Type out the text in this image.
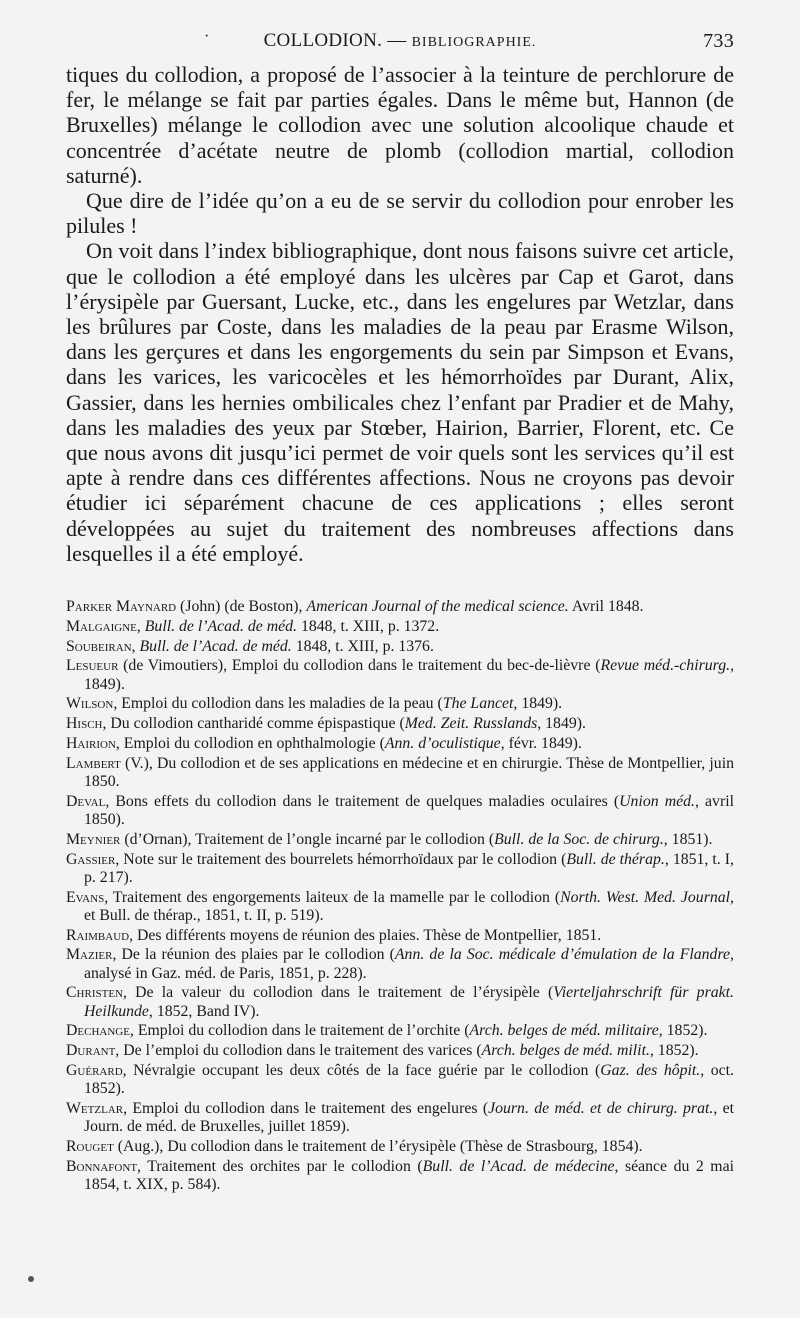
·	COLLODION. — BIBLIOGRAPHIE.	733

tiques du collodion, a proposé de l’associer à la teinture de perchlorure de fer, le mélange se fait par parties égales. Dans le même but, Hannon (de Bruxelles) mélange le collodion avec une solution alcoolique chaude et concentrée d’acétate neutre de plomb (collodion martial, collodion saturné).

Que dire de l’idée qu’on a eu de se servir du collodion pour enrober les pilules !

On voit dans l’index bibliographique, dont nous faisons suivre cet article, que le collodion a été employé dans les ulcères par Cap et Garot, dans l’érysipèle par Guersant, Lucke, etc., dans les engelures par Wetzlar, dans les brûlures par Coste, dans les maladies de la peau par Erasme Wilson, dans les gerçures et dans les engorgements du sein par Simpson et Evans, dans les varices, les varicocèles et les hémorrhoïdes par Durant, Alix, Gassier, dans les hernies ombilicales chez l’enfant par Pradier et de Mahy, dans les maladies des yeux par Stœber, Hairion, Barrier, Florent, etc. Ce que nous avons dit jusqu’ici permet de voir quels sont les services qu’il est apte à rendre dans ces différentes affections. Nous ne croyons pas devoir étudier ici séparément chacune de ces applications ; elles seront développées au sujet du traitement des nombreuses affections dans lesquelles il a été employé.

Parker Maynard (John) (de Boston), American Journal of the medical science. Avril 1848.

Malgaigne, Bull. de l’Acad. de méd. 1848, t. XIII, p. 1372.

Soubeiran, Bull. de l’Acad. de méd. 1848, t. XIII, p. 1376.

Lesueur (de Vimoutiers), Emploi du collodion dans le traitement du bec-de-lièvre (Revue méd.-chirurg., 1849).

Wilson, Emploi du collodion dans les maladies de la peau (The Lancet, 1849).

Hisch, Du collodion cantharidé comme épispastique (Med. Zeit. Russlands, 1849).

Hairion, Emploi du collodion en ophthalmologie (Ann. d’oculistique, févr. 1849).

Lambert (V.), Du collodion et de ses applications en médecine et en chirurgie. Thèse de Montpellier, juin 1850.

Deval, Bons effets du collodion dans le traitement de quelques maladies oculaires (Union méd., avril 1850).

Meynier (d’Ornan), Traitement de l’ongle incarné par le collodion (Bull. de la Soc. de chirurg., 1851).

Gassier, Note sur le traitement des bourrelets hémorrhoïdaux par le collodion (Bull. de thérap., 1851, t. I, p. 217).

Evans, Traitement des engorgements laiteux de la mamelle par le collodion (North. West. Med. Journal, et Bull. de thérap., 1851, t. II, p. 519).

Raimbaud, Des différents moyens de réunion des plaies. Thèse de Montpellier, 1851.

Mazier, De la réunion des plaies par le collodion (Ann. de la Soc. médicale d’émulation de la Flandre, analysé in Gaz. méd. de Paris, 1851, p. 228).

Christen, De la valeur du collodion dans le traitement de l’érysipèle (Vierteljahrschrift für prakt. Heilkunde, 1852, Band IV).

Dechange, Emploi du collodion dans le traitement de l’orchite (Arch. belges de méd. militaire, 1852).

Durant, De l’emploi du collodion dans le traitement des varices (Arch. belges de méd. milit., 1852).

Guérard, Névralgie occupant les deux côtés de la face guérie par le collodion (Gaz. des hôpit., oct. 1852).

Wetzlar, Emploi du collodion dans le traitement des engelures (Journ. de méd. et de chirurg. prat., et Journ. de méd. de Bruxelles, juillet 1859).

Rouget (Aug.), Du collodion dans le traitement de l’érysipèle (Thèse de Strasbourg, 1854).

Bonnafont, Traitement des orchites par le collodion (Bull. de l’Acad. de médecine, séance du 2 mai 1854, t. XIX, p. 584).
